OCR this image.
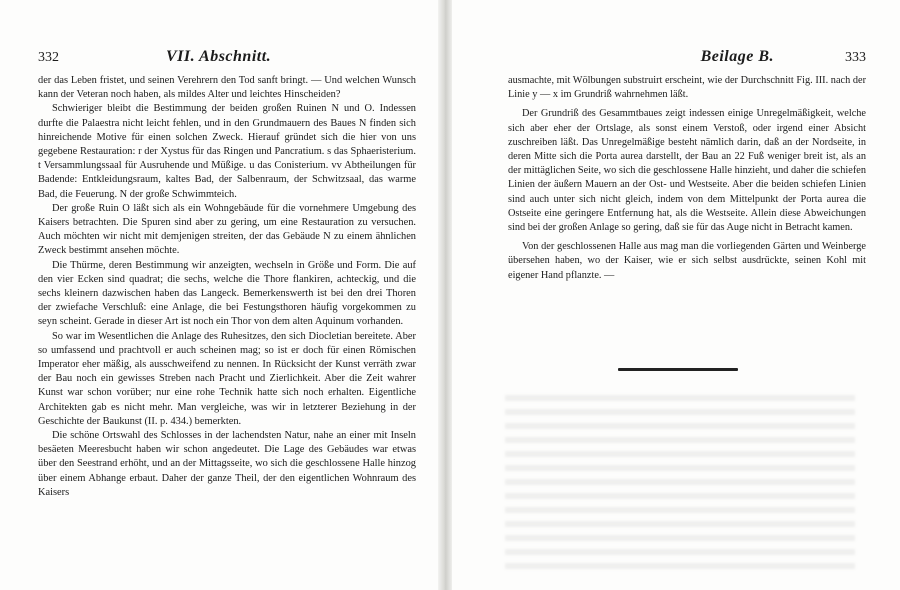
332	VII. Abschnitt.

der das Leben fristet, und seinen Verehrern den Tod sanft bringt. — Und welchen Wunsch kann der Veteran noch haben, als mildes Alter und leichtes Hinscheiden?

Schwieriger bleibt die Bestimmung der beiden großen Ruinen N und O. Indessen durfte die Palaestra nicht leicht fehlen, und in den Grundmauern des Baues N finden sich hinreichende Motive für einen solchen Zweck. Hierauf gründet sich die hier von uns gegebene Restauration: r der Xystus für das Ringen und Pancratium. s das Sphaeristerium. t Versammlungssaal für Ausruhende und Müßige. u das Conisterium. vv Abtheilungen für Badende: Entkleidungsraum, kaltes Bad, der Salbenraum, der Schwitzsaal, das warme Bad, die Feuerung. N der große Schwimmteich.

Der große Ruin O läßt sich als ein Wohngebäude für die vornehmere Umgebung des Kaisers betrachten. Die Spuren sind aber zu gering, um eine Restauration zu versuchen. Auch möchten wir nicht mit demjenigen streiten, der das Gebäude N zu einem ähnlichen Zweck bestimmt ansehen möchte.

Die Thürme, deren Bestimmung wir anzeigten, wechseln in Größe und Form. Die auf den vier Ecken sind quadrat; die sechs, welche die Thore flankiren, achteckig, und die sechs kleinern dazwischen haben das Langeck. Bemerkenswerth ist bei den drei Thoren der zwiefache Verschluß: eine Anlage, die bei Festungsthoren häufig vorgekommen zu seyn scheint. Gerade in dieser Art ist noch ein Thor von dem alten Aquinum vorhanden.

So war im Wesentlichen die Anlage des Ruhesitzes, den sich Diocletian bereitete. Aber so umfassend und prachtvoll er auch scheinen mag; so ist er doch für einen Römischen Imperator eher mäßig, als ausschweifend zu nennen. In Rücksicht der Kunst verräth zwar der Bau noch ein gewisses Streben nach Pracht und Zierlichkeit. Aber die Zeit wahrer Kunst war schon vorüber; nur eine rohe Technik hatte sich noch erhalten. Eigentliche Architekten gab es nicht mehr. Man vergleiche, was wir in letzterer Beziehung in der Geschichte der Baukunst (II. p. 434.) bemerkten.

Die schöne Ortswahl des Schlosses in der lachendsten Natur, nahe an einer mit Inseln besäeten Meeresbucht haben wir schon angedeutet. Die Lage des Gebäudes war etwas über den Seestrand erhöht, und an der Mittagsseite, wo sich die geschlossene Halle hinzog über einem Abhange erbaut. Daher der ganze Theil, der den eigentlichen Wohnraum des Kaisers

Beilage B.	333

ausmachte, mit Wölbungen substruirt erscheint, wie der Durchschnitt Fig. III. nach der Linie y — x im Grundriß wahrnehmen läßt.

Der Grundriß des Gesammtbaues zeigt indessen einige Unregelmäßigkeit, welche sich aber eher der Ortslage, als sonst einem Verstoß, oder irgend einer Absicht zuschreiben läßt. Das Unregelmäßige besteht nämlich darin, daß an der Nordseite, in deren Mitte sich die Porta aurea darstellt, der Bau an 22 Fuß weniger breit ist, als an der mittäglichen Seite, wo sich die geschlossene Halle hinzieht, und daher die schiefen Linien der äußern Mauern an der Ost- und Westseite. Aber die beiden schiefen Linien sind auch unter sich nicht gleich, indem von dem Mittelpunkt der Porta aurea die Ostseite eine geringere Entfernung hat, als die Westseite. Allein diese Abweichungen sind bei der großen Anlage so gering, daß sie für das Auge nicht in Betracht kamen.

Von der geschlossenen Halle aus mag man die vorliegenden Gärten und Weinberge übersehen haben, wo der Kaiser, wie er sich selbst ausdrückte, seinen Kohl mit eigener Hand pflanzte. —
